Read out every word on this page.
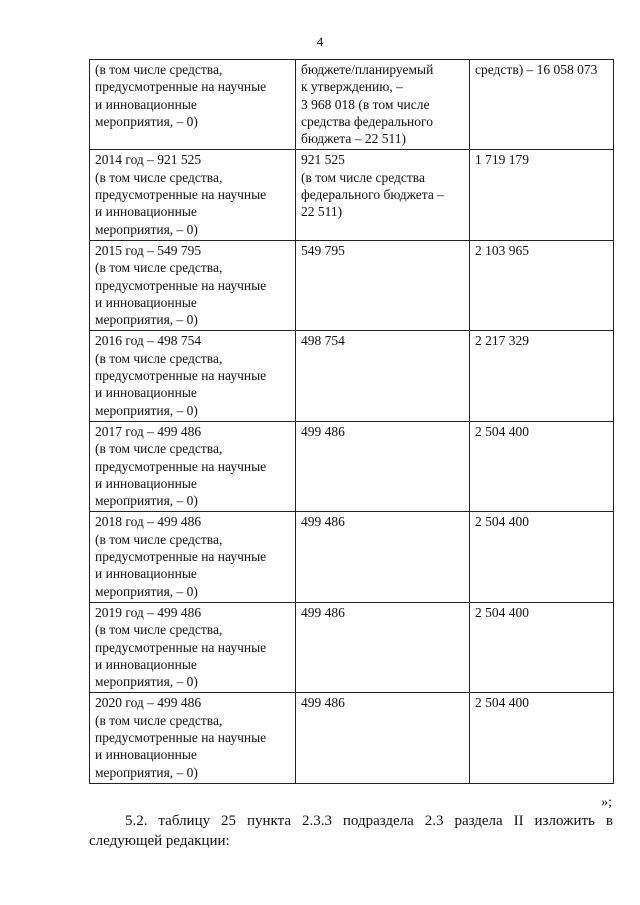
4
(в том числе средства,
предусмотренные на научные
и инновационные
мероприятия, – 0)	бюджете/планируемый
к утверждению, –
3 968 018 (в том числе
средства федерального
бюджета – 22 511)	средств) – 16 058 073
2014 год – 921 525
(в том числе средства,
предусмотренные на научные
и инновационные
мероприятия, – 0)	921 525
(в том числе средства
федерального бюджета –
22 511)	1 719 179
2015 год – 549 795
(в том числе средства,
предусмотренные на научные
и инновационные
мероприятия, – 0)	549 795	2 103 965
2016 год – 498 754
(в том числе средства,
предусмотренные на научные
и инновационные
мероприятия, – 0)	498 754	2 217 329
2017 год – 499 486
(в том числе средства,
предусмотренные на научные
и инновационные
мероприятия, – 0)	499 486	2 504 400
2018 год – 499 486
(в том числе средства,
предусмотренные на научные
и инновационные
мероприятия, – 0)	499 486	2 504 400
2019 год – 499 486
(в том числе средства,
предусмотренные на научные
и инновационные
мероприятия, – 0)	499 486	2 504 400
2020 год – 499 486
(в том числе средства,
предусмотренные на научные
и инновационные
мероприятия, – 0)	499 486	2 504 400
»;
5.2. таблицу 25 пункта 2.3.3 подраздела 2.3 раздела II изложить в
следующей редакции:
